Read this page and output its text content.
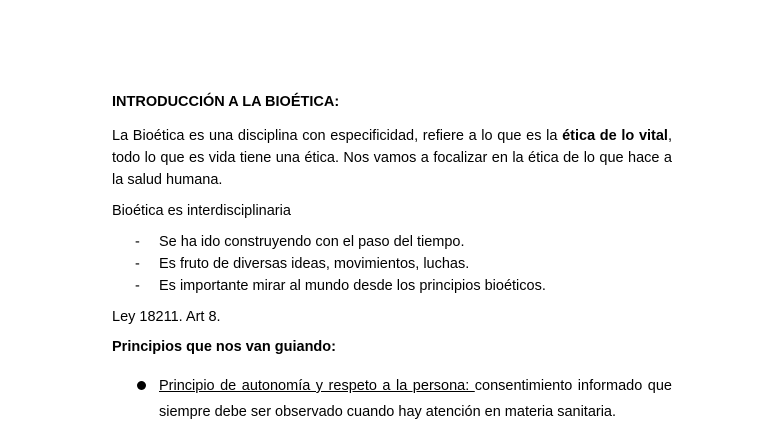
INTRODUCCIÓN A LA BIOÉTICA:

La Bioética es una disciplina con especificidad, refiere a lo que es la ética de lo vital, todo lo que es vida tiene una ética. Nos vamos a focalizar en la ética de lo que hace a la salud humana.

Bioética es interdisciplinaria

- Se ha ido construyendo con el paso del tiempo.
- Es fruto de diversas ideas, movimientos, luchas.
- Es importante mirar al mundo desde los principios bioéticos.

Ley 18211. Art 8.

Principios que nos van guiando:

Principio de autonomía y respeto a la persona: consentimiento informado que siempre debe ser observado cuando hay atención en materia sanitaria.
